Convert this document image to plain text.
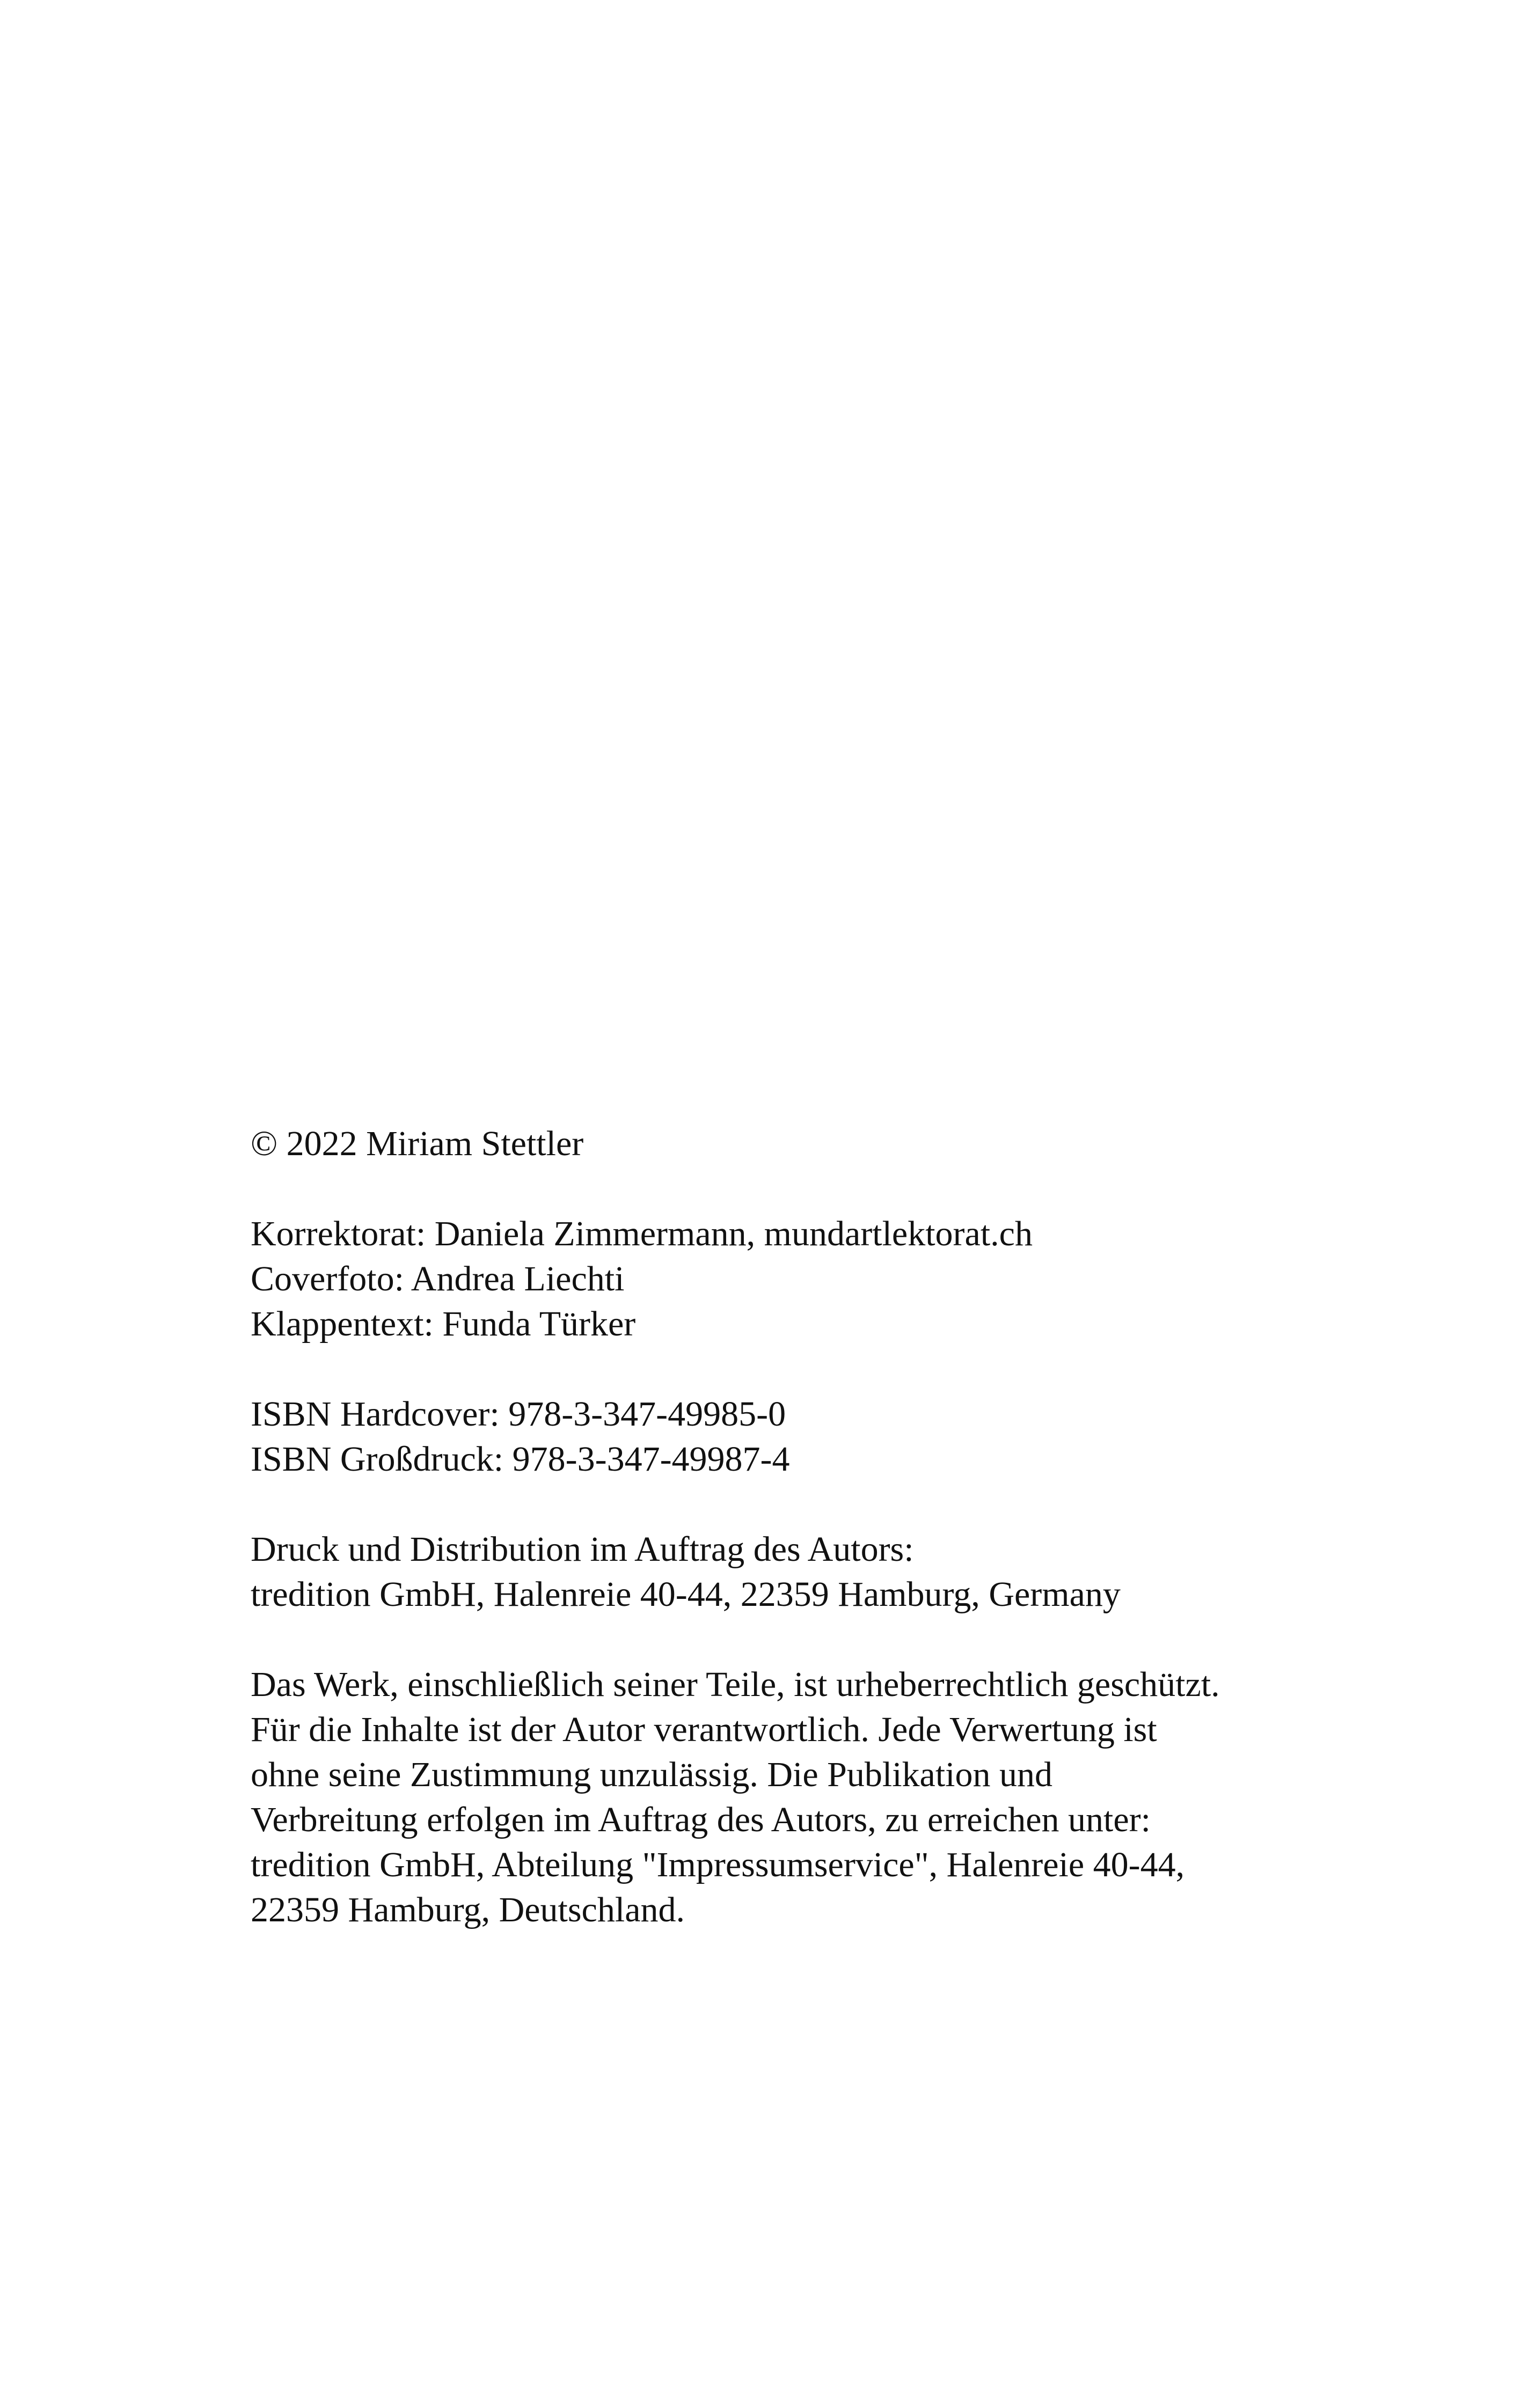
© 2022 Miriam Stettler

Korrektorat: Daniela Zimmermann, mundartlektorat.ch
Coverfoto: Andrea Liechti
Klappentext: Funda Türker

ISBN Hardcover: 978-3-347-49985-0
ISBN Großdruck: 978-3-347-49987-4

Druck und Distribution im Auftrag des Autors:
tredition GmbH, Halenreie 40-44, 22359 Hamburg, Germany

Das Werk, einschließlich seiner Teile, ist urheberrechtlich geschützt.
Für die Inhalte ist der Autor verantwortlich. Jede Verwertung ist
ohne seine Zustimmung unzulässig. Die Publikation und
Verbreitung erfolgen im Auftrag des Autors, zu erreichen unter:
tredition GmbH, Abteilung "Impressumservice", Halenreie 40-44,
22359 Hamburg, Deutschland.
